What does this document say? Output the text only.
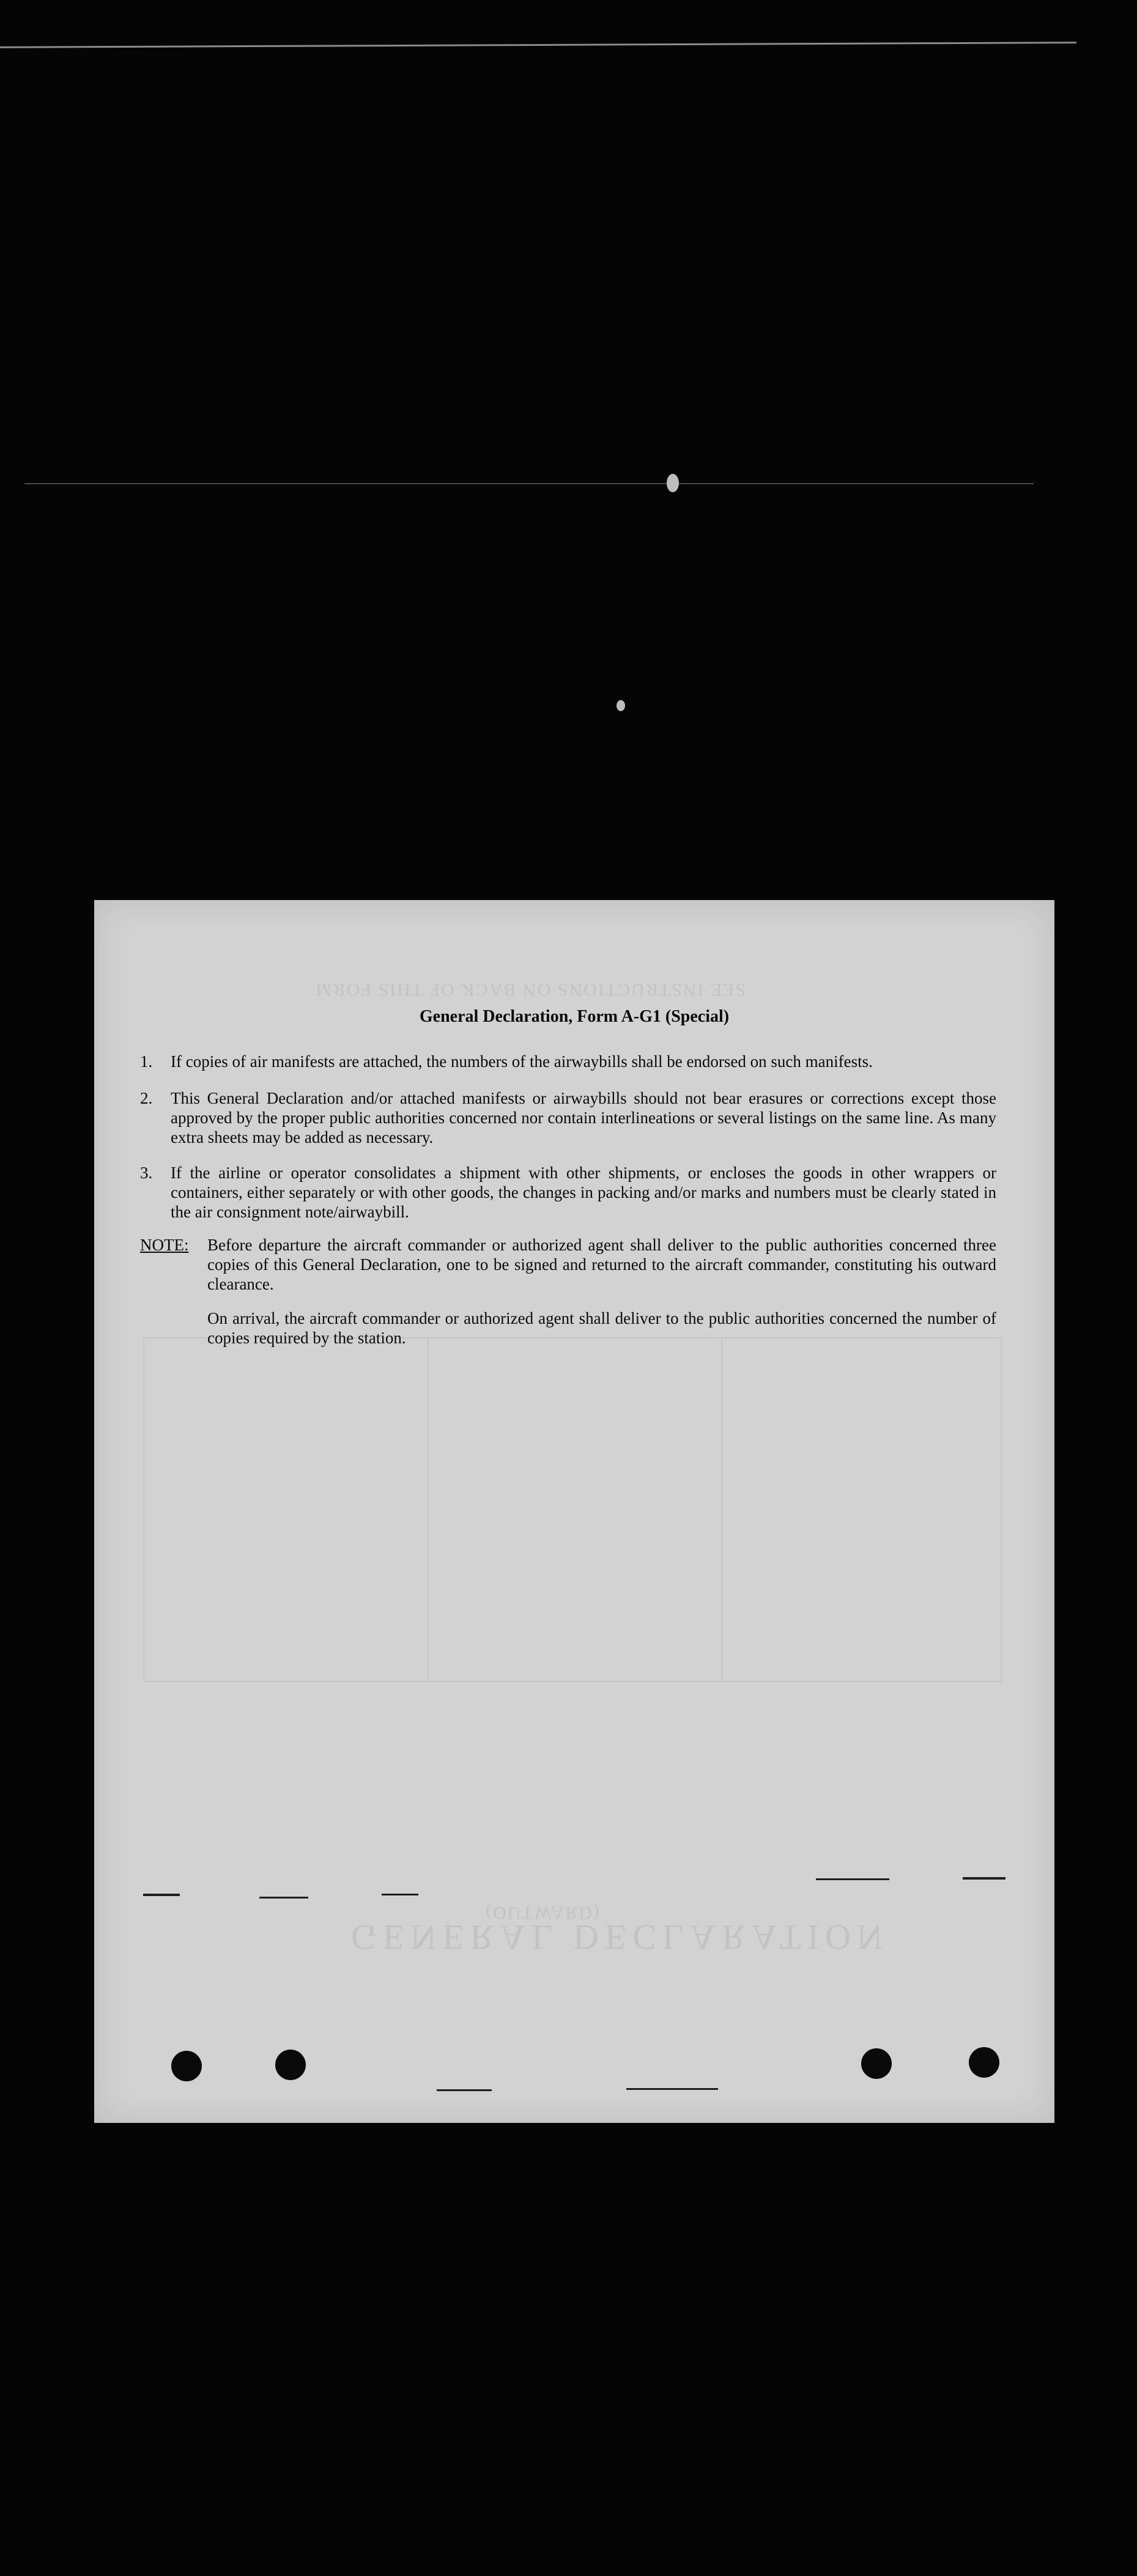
SEE INSTRUCTIONS ON BACK OF THIS FORM
GENERAL DECLARATION
(OUTWARD)
General Declaration, Form A-G1 (Special)
1.	If copies of air manifests are attached, the numbers of the airwaybills shall be endorsed on such manifests.
2.	This General Declaration and/or attached manifests or airwaybills should not bear erasures or corrections except those approved by the proper public authorities concerned nor contain interlineations or several listings on the same line. As many extra sheets may be added as necessary.
3.	If the airline or operator consolidates a shipment with other shipments, or encloses the goods in other wrappers or containers, either separately or with other goods, the changes in packing and/or marks and numbers must be clearly stated in the air consignment note/airwaybill.
NOTE: Before departure the aircraft commander or authorized agent shall deliver to the public authorities concerned three copies of this General Declaration, one to be signed and returned to the aircraft commander, constituting his outward clearance.
On arrival, the aircraft commander or authorized agent shall deliver to the public authorities concerned the number of copies required by the station.
